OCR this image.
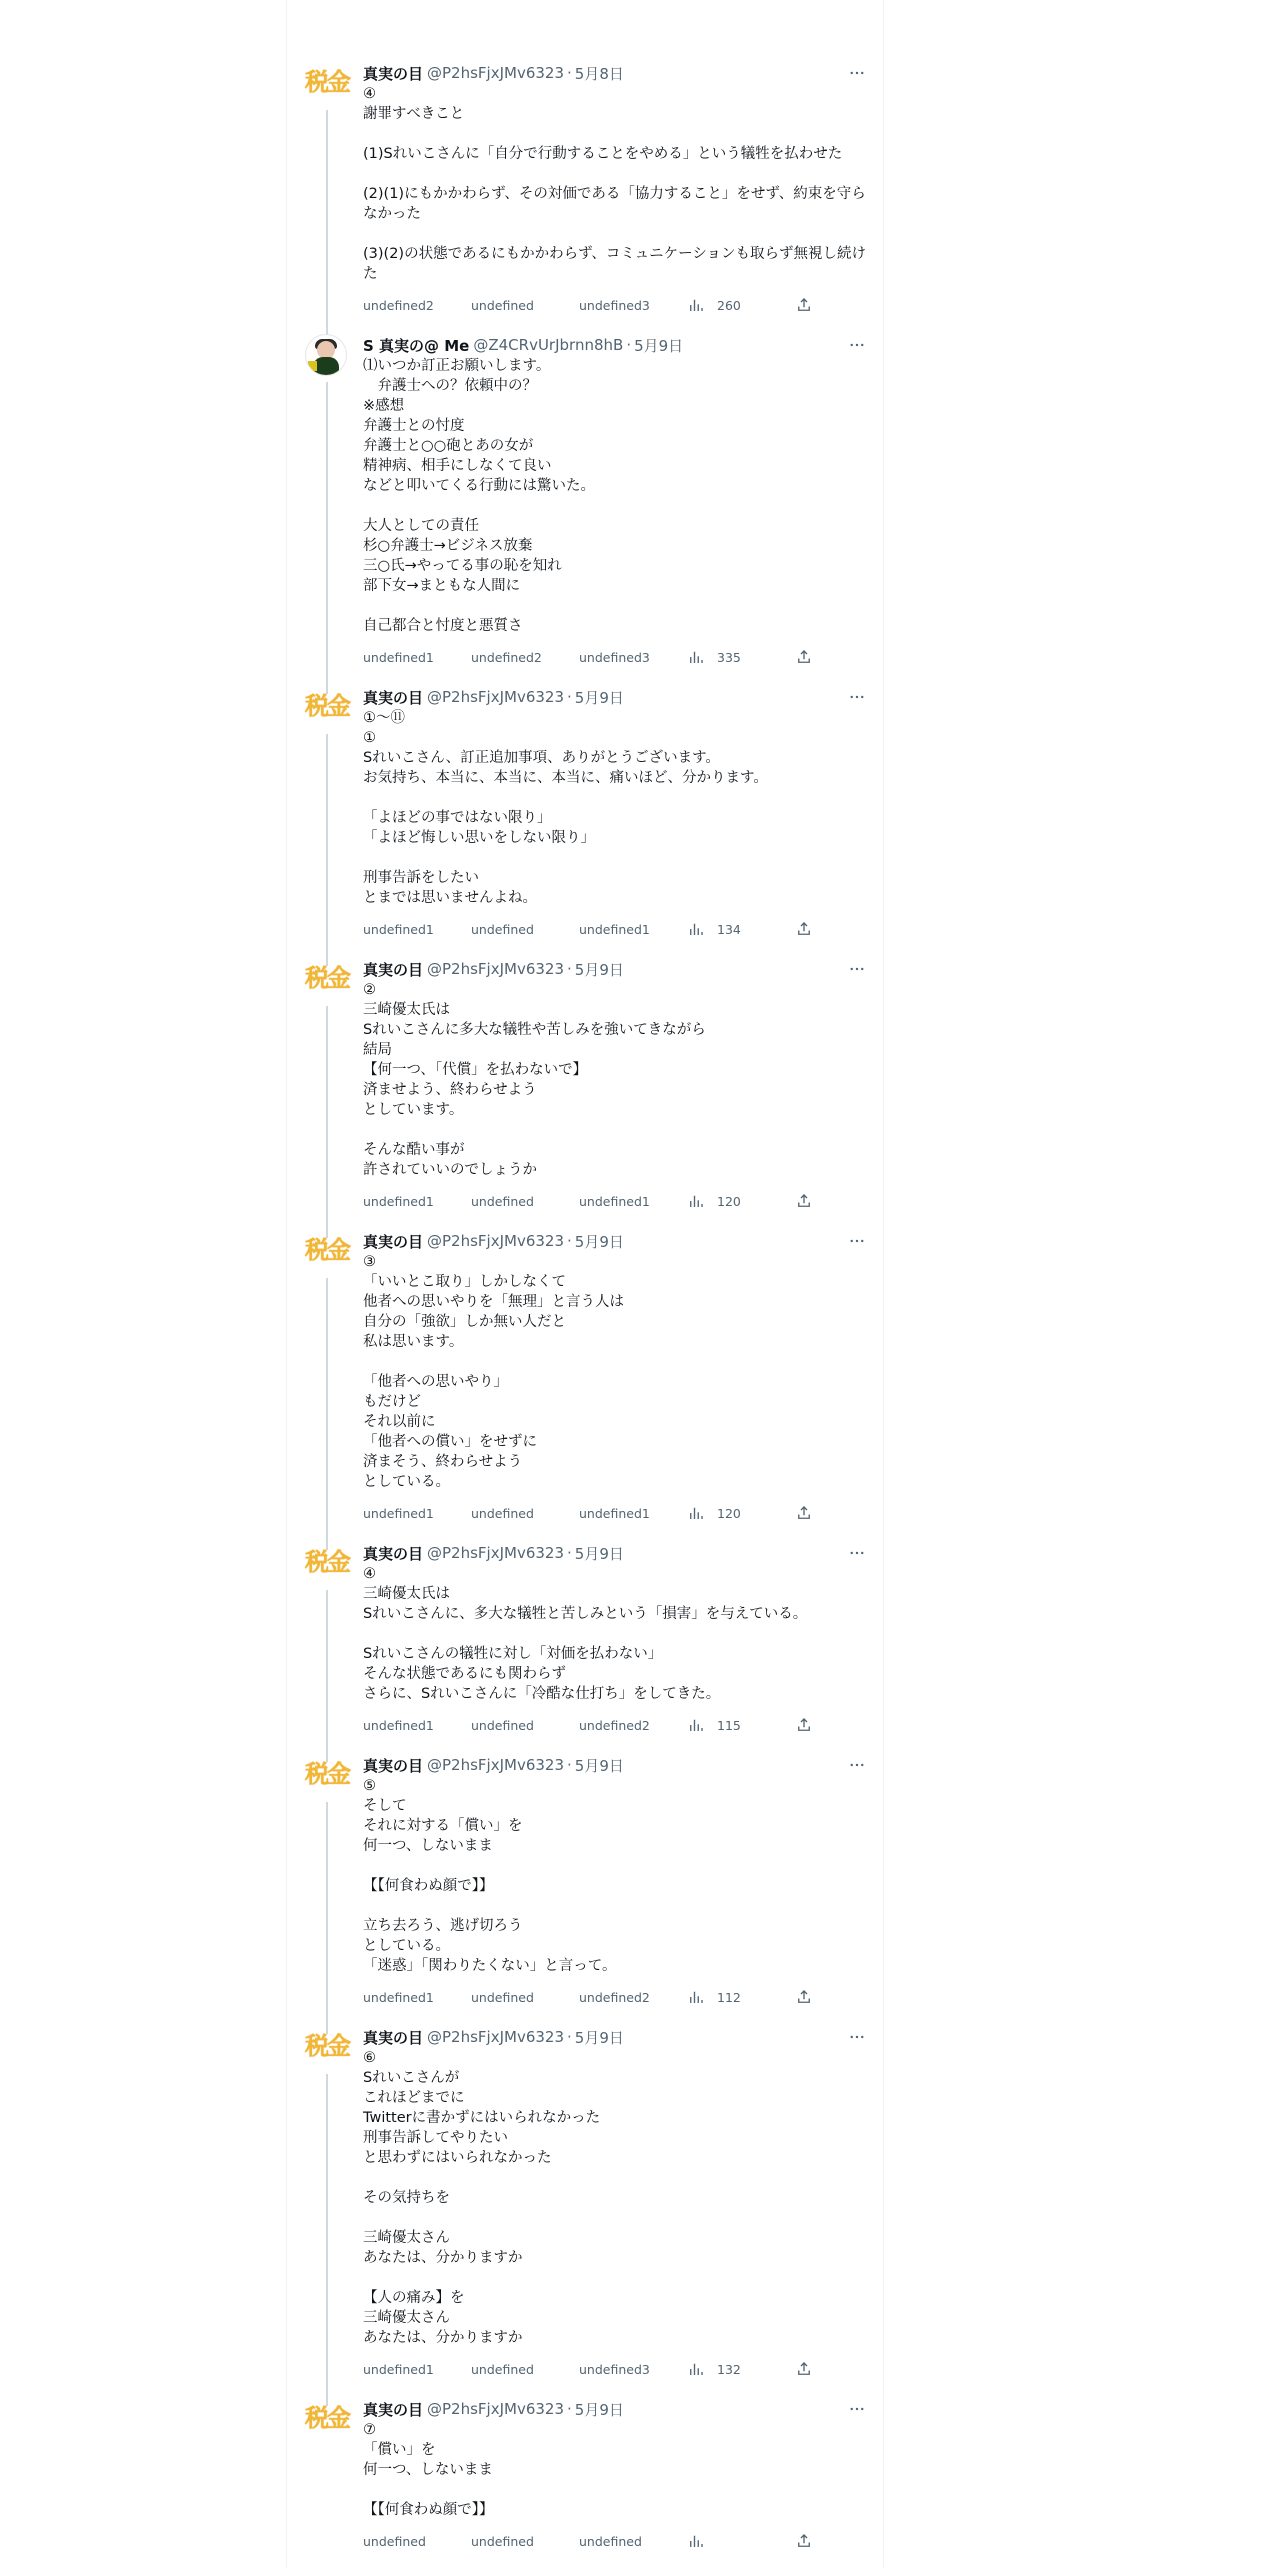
税金 真実の目 @P2hsFjxJMv6323 · 5月8日
④
謝罪すべきこと

(1)Sれいこさんに「自分で行動することをやめる」という犠牲を払わせた

(2)(1)にもかかわらず、その対価である「協力すること」をせず、約束を守らなかった

(3)(2)の状態であるにもかかわらず、コミュニケーションも取らず無視し続けた
undefined 2	undefined	undefined 3	260
S 真実の@ Me @Z4CRvUrJbrnn8hB · 5月9日
⑴いつか訂正お願いします。
　弁護士への？依頼中の？
※感想
弁護士との忖度
弁護士と○○砲とあの女が
精神病、相手にしなくて良い
などと叩いてくる行動には驚いた。

大人としての責任
杉○弁護士→ビジネス放棄
三○氏→やってる事の恥を知れ
部下女→まともな人間に

自己都合と忖度と悪質さ
undefined 1	undefined 2	undefined 3	335
税金 真実の目 @P2hsFjxJMv6323 · 5月9日
①～⑪
①
Sれいこさん、訂正追加事項、ありがとうございます。
お気持ち、本当に、本当に、本当に、痛いほど、分かります。

「よほどの事ではない限り」
「よほど悔しい思いをしない限り」

刑事告訴をしたい
とまでは思いませんよね。
undefined 1	undefined	undefined 1	134
税金 真実の目 @P2hsFjxJMv6323 · 5月9日
②
三崎優太氏は
Sれいこさんに多大な犠牲や苦しみを強いてきながら
結局
【何一つ、「代償」を払わないで】
済ませよう、終わらせよう
としています。

そんな酷い事が
許されていいのでしょうか
undefined 1	undefined	undefined 1	120
税金 真実の目 @P2hsFjxJMv6323 · 5月9日
③
「いいとこ取り」しかしなくて
他者への思いやりを「無理」と言う人は
自分の「強欲」しか無い人だと
私は思います。

「他者への思いやり」
もだけど
それ以前に
「他者への償い」をせずに
済まそう、終わらせよう
としている。
undefined 1	undefined	undefined 1	120
税金 真実の目 @P2hsFjxJMv6323 · 5月9日
④
三崎優太氏は
Sれいこさんに、多大な犠牲と苦しみという「損害」を与えている。

Sれいこさんの犠牲に対し「対価を払わない」
そんな状態であるにも関わらず
さらに、Sれいこさんに「冷酷な仕打ち」をしてきた。
undefined 1	undefined	undefined 2	115
税金 真実の目 @P2hsFjxJMv6323 · 5月9日
⑤
そして
それに対する「償い」を
何一つ、しないまま

【【何食わぬ顔で】】

立ち去ろう、逃げ切ろう
としている。
「迷惑」「関わりたくない」と言って。
undefined 1	undefined	undefined 2	112
税金 真実の目 @P2hsFjxJMv6323 · 5月9日
⑥
Sれいこさんが
これほどまでに
Twitterに書かずにはいられなかった
刑事告訴してやりたい
と思わずにはいられなかった

その気持ちを

三崎優太さん
あなたは、分かりますか

【人の痛み】を
三崎優太さん
あなたは、分かりますか
undefined 1	undefined	undefined 3	132
税金 真実の目 @P2hsFjxJMv6323 · 5月9日
⑦
「償い」を
何一つ、しないまま

【【何食わぬ顔で】】
undefined	undefined	undefined
